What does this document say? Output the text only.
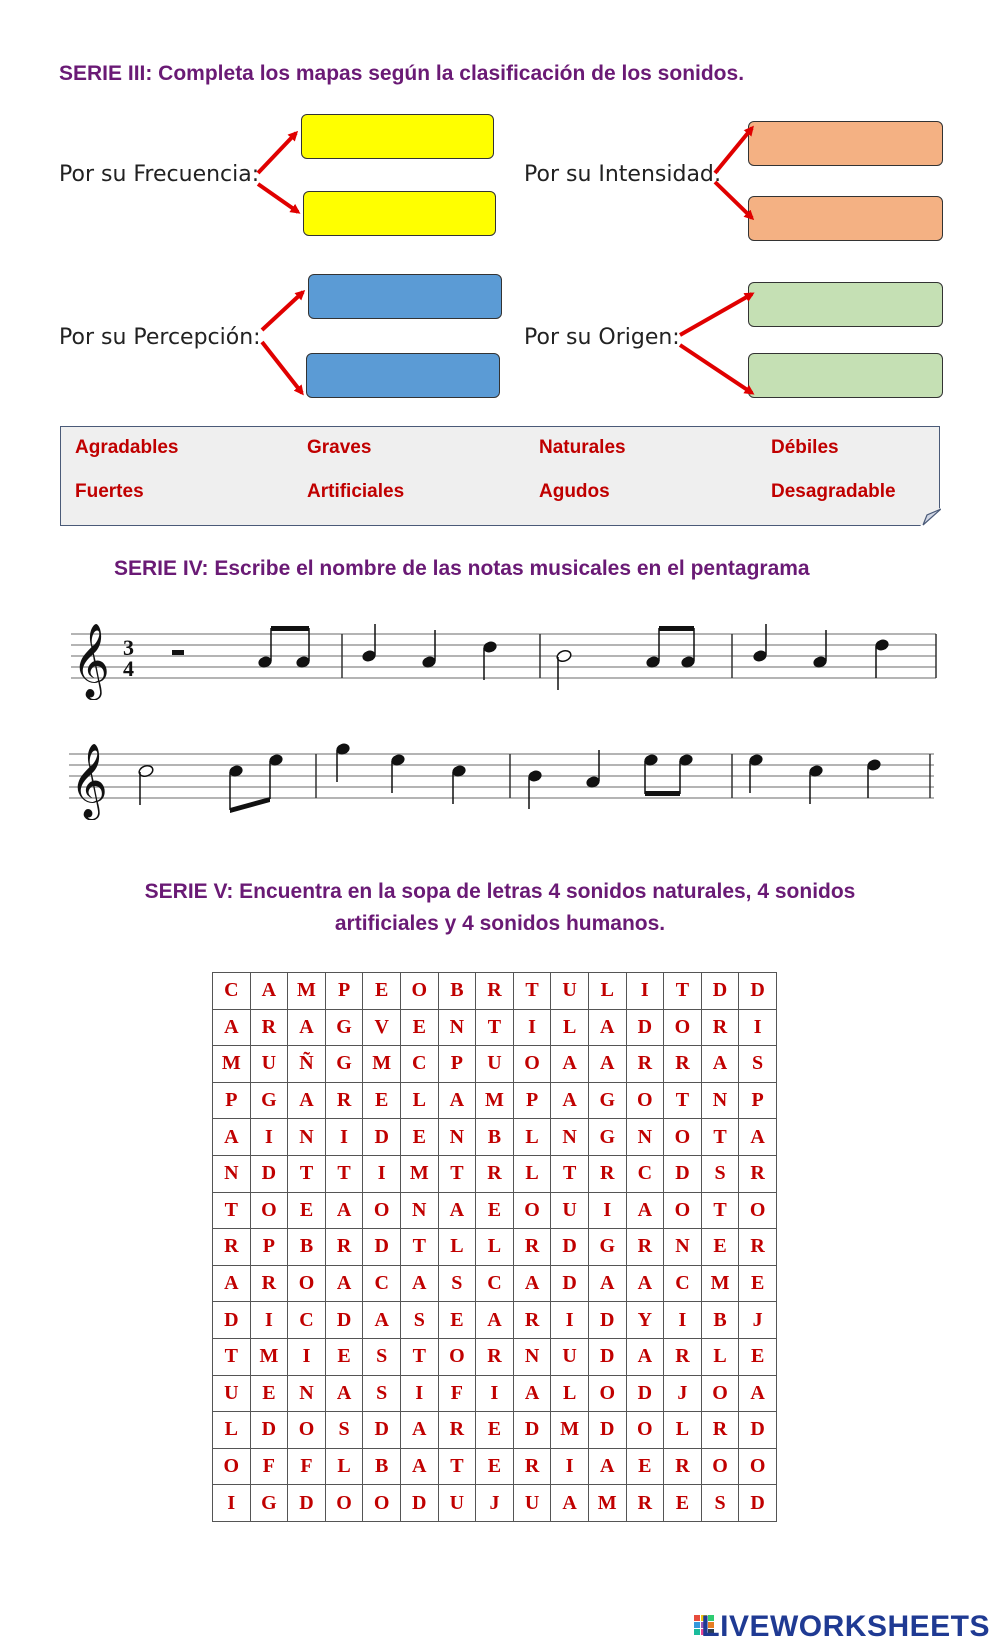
SERIE III: Completa los mapas según la clasificación de los sonidos.
Por su Frecuencia:	Por su Intensidad:
Por su Percepción:	Por su Origen:
Agradables	Graves	Naturales	Débiles
Fuertes	Artificiales	Agudos	Desagradable
SERIE IV: Escribe el nombre de las notas musicales en el pentagrama
𝄞 3
4
𝄞
SERIE V: Encuentra en la sopa de letras 4 sonidos naturales, 4 sonidos
artificiales y 4 sonidos humanos.
C	A	M	P	E	O	B	R	T	U	L	I	T	D	D
A	R	A	G	V	E	N	T	I	L	A	D	O	R	I
M	U	Ñ	G	M	C	P	U	O	A	A	R	R	A	S
P	G	A	R	E	L	A	M	P	A	G	O	T	N	P
A	I	N	I	D	E	N	B	L	N	G	N	O	T	A
N	D	T	T	I	M	T	R	L	T	R	C	D	S	R
T	O	E	A	O	N	A	E	O	U	I	A	O	T	O
R	P	B	R	D	T	L	L	R	D	G	R	N	E	R
A	R	O	A	C	A	S	C	A	D	A	A	C	M	E
D	I	C	D	A	S	E	A	R	I	D	Y	I	B	J
T	M	I	E	S	T	O	R	N	U	D	A	R	L	E
U	E	N	A	S	I	F	I	A	L	O	D	J	O	A
L	D	O	S	D	A	R	E	D	M	D	O	L	R	D
O	F	F	L	B	A	T	E	R	I	A	E	R	O	O
I	G	D	O	O	D	U	J	U	A	M	R	E	S	D
LIVEWORKSHEETS
